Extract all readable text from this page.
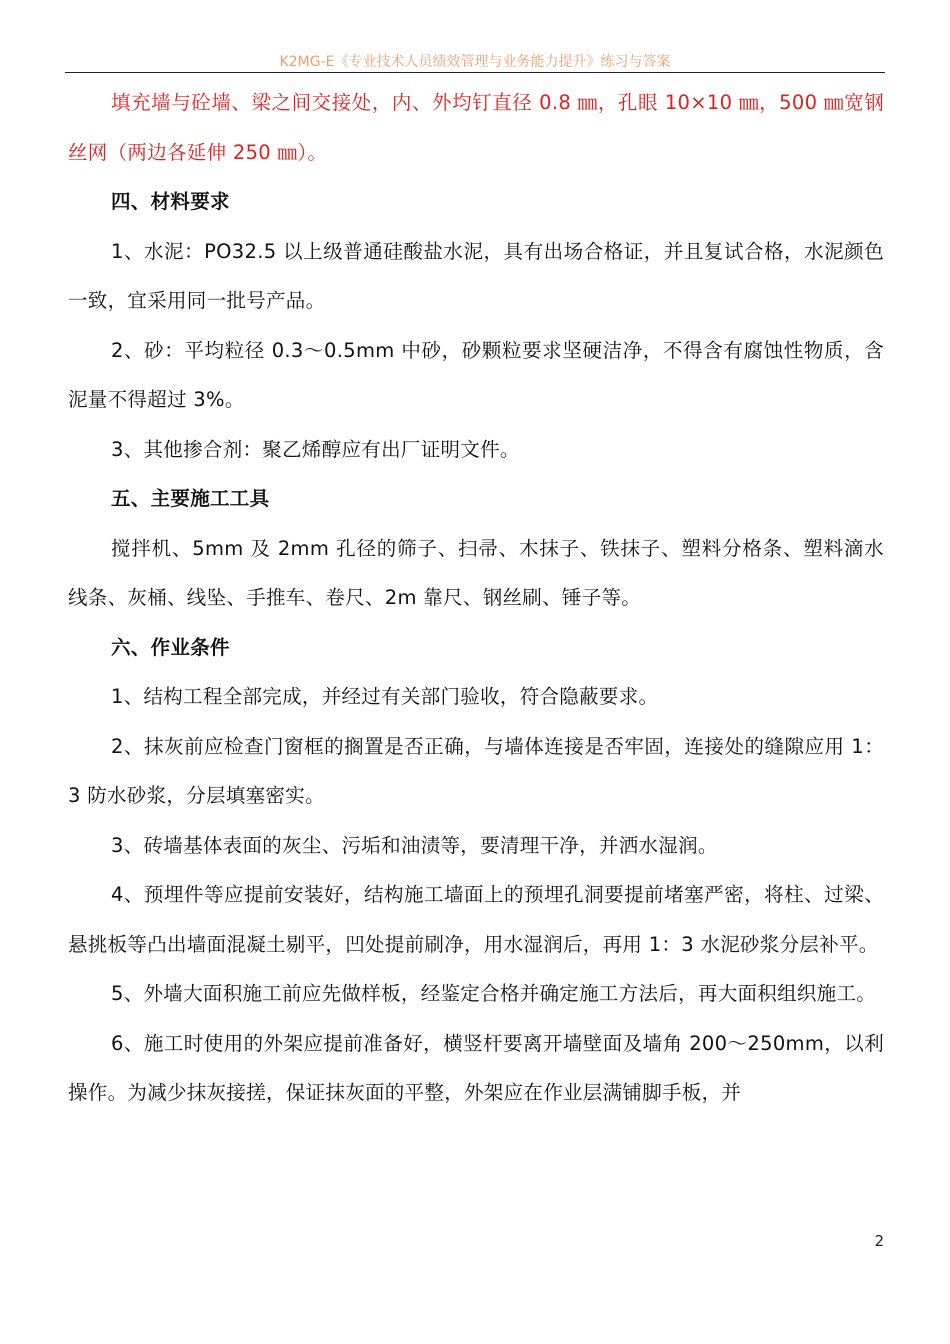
K2MG-E《专业技术人员绩效管理与业务能力提升》练习与答案

填充墙与砼墙、梁之间交接处，内、外均钉直径 0.8 ㎜，孔眼 10×10 ㎜，500 ㎜宽钢丝网（两边各延伸 250 ㎜）。

四、材料要求

1、水泥：PO32.5 以上级普通硅酸盐水泥，具有出场合格证，并且复试合格，水泥颜色一致，宜采用同一批号产品。

2、砂：平均粒径 0.3～0.5mm 中砂，砂颗粒要求坚硬洁净，不得含有腐蚀性物质，含泥量不得超过 3%。

3、其他掺合剂：聚乙烯醇应有出厂证明文件。

五、主要施工工具

搅拌机、5mm 及 2mm 孔径的筛子、扫帚、木抹子、铁抹子、塑料分格条、塑料滴水线条、灰桶、线坠、手推车、卷尺、2m 靠尺、钢丝刷、锤子等。

六、作业条件

1、结构工程全部完成，并经过有关部门验收，符合隐蔽要求。

2、抹灰前应检查门窗框的搁置是否正确，与墙体连接是否牢固，连接处的缝隙应用 1：3 防水砂浆，分层填塞密实。

3、砖墙基体表面的灰尘、污垢和油渍等，要清理干净，并洒水湿润。

4、预埋件等应提前安装好，结构施工墙面上的预埋孔洞要提前堵塞严密，将柱、过梁、悬挑板等凸出墙面混凝土剔平，凹处提前刷净，用水湿润后，再用 1：3 水泥砂浆分层补平。

5、外墙大面积施工前应先做样板，经鉴定合格并确定施工方法后，再大面积组织施工。

6、施工时使用的外架应提前准备好，横竖杆要离开墙壁面及墙角 200～250mm，以利操作。为减少抹灰接搓，保证抹灰面的平整，外架应在作业层满铺脚手板，并

2
